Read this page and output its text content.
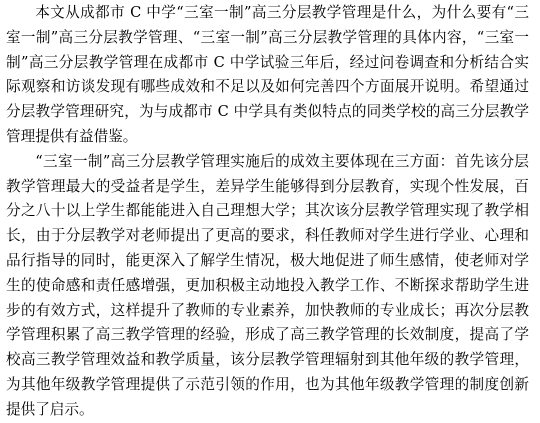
本文从成都市 C 中学“三室一制”高三分层教学管理是什么，为什么要有“三室一制”高三分层教学管理、“三室一制”高三分层教学管理的具体内容，“三室一制”高三分层教学管理在成都市 C 中学试验三年后，经过问卷调查和分析结合实际观察和访谈发现有哪些成效和不足以及如何完善四个方面展开说明。希望通过分层教学管理研究，为与成都市 C 中学具有类似特点的同类学校的高三分层教学管理提供有益借鉴。

“三室一制”高三分层教学管理实施后的成效主要体现在三方面：首先该分层教学管理最大的受益者是学生，差异学生能够得到分层教育，实现个性发展，百分之八十以上学生都能能进入自己理想大学；其次该分层教学管理实现了教学相长，由于分层教学对老师提出了更高的要求，科任教师对学生进行学业、心理和品行指导的同时，能更深入了解学生情况，极大地促进了师生感情，使老师对学生的使命感和责任感增强，更加积极主动地投入教学工作、不断探求帮助学生进步的有效方式，这样提升了教师的专业素养，加快教师的专业成长；再次分层教学管理积累了高三教学管理的经验，形成了高三教学管理的长效制度，提高了学校高三教学管理效益和教学质量，该分层教学管理辐射到其他年级的教学管理，为其他年级教学管理提供了示范引领的作用，也为其他年级教学管理的制度创新提供了启示。
